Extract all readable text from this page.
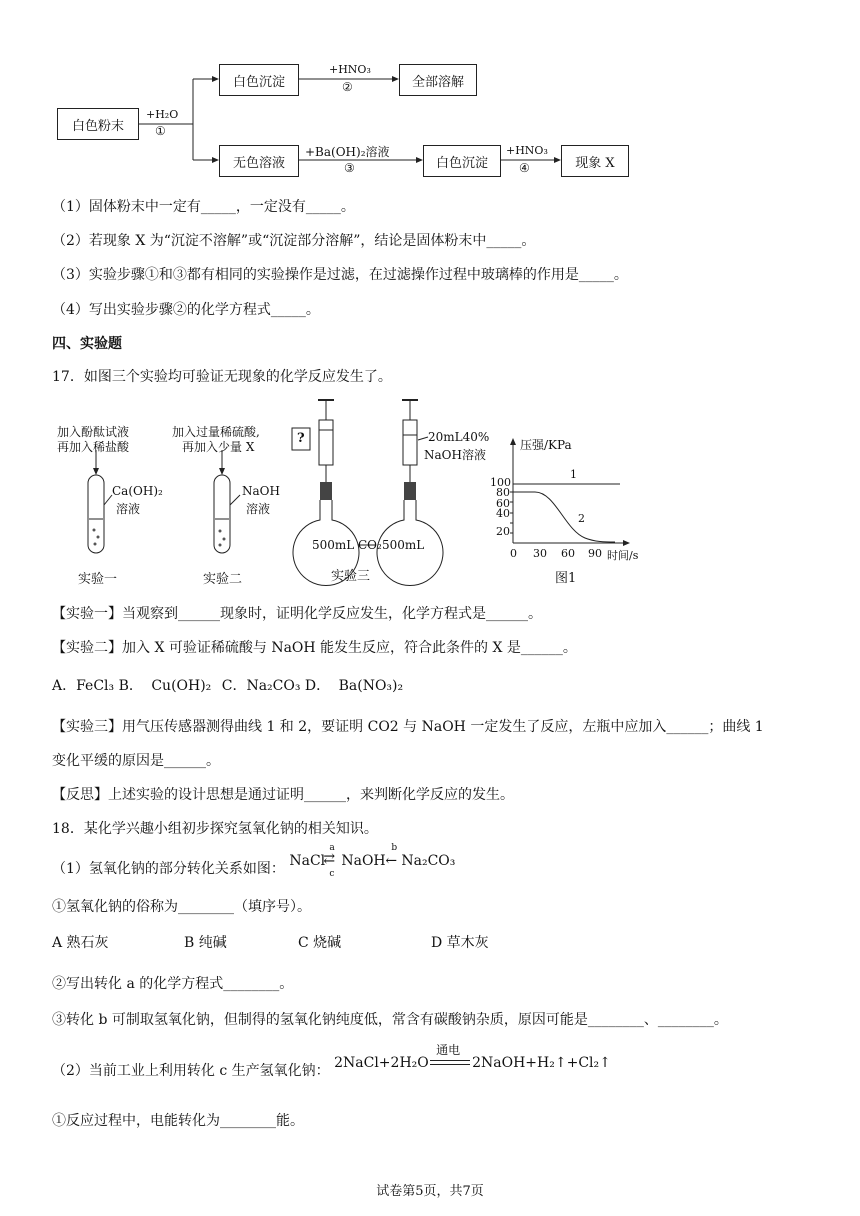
白色粉末
+H₂O
①
白色沉淀
+HNO₃
②	全部溶解
无色溶液
+Ba(OH)₂溶液
③	白色沉淀
+HNO₃
④	现象 X
（1）固体粉末中一定有_____，一定没有_____。
（2）若现象 X 为“沉淀不溶解”或“沉淀部分溶解”，结论是固体粉末中_____。
（3）实验步骤①和③都有相同的实验操作是过滤，在过滤操作过程中玻璃棒的作用是_____。
（4）写出实验步骤②的化学方程式_____。
四、实验题
17．如图三个实验均可验证无现象的化学反应发生了。
加入酚酞试液
再加入稀盐酸
Ca(OH)₂
溶液
实验一
加入过量稀硫酸,
再加入少量 X
NaOH
溶液
实验二
?	20mL40%
NaOH溶液
500mL CO₂ 500mL
实验三
压强/KPa
1
2
100
80
60
40
20
0 30 60 90 时间/s
图1
【实验一】当观察到______现象时，证明化学反应发生，化学方程式是______。
【实验二】加入 X 可验证稀硫酸与 NaOH 能发生反应，符合此条件的 X 是______。
A．FeCl₃ B． Cu(OH)₂ C．Na₂CO₃ D． Ba(NO₃)₂
【实验三】用气压传感器测得曲线 1 和 2，要证明 CO2 与 NaOH 一定发生了反应，左瓶中应加入______；曲线 1
变化平缓的原因是______。
【反思】上述实验的设计思想是通过证明______，来判断化学反应的发生。
18．某化学兴趣小组初步探究氢氧化钠的相关知识。
（1）氢氧化钠的部分转化关系如图： NaCl
a
⇄
c
NaOH
b
← Na₂CO₃
①氢氧化钠的俗称为________（填序号）。
A 熟石灰	B 纯碱	C 烧碱	D 草木灰
②写出转化 a 的化学方程式________。
③转化 b 可制取氢氧化钠，但制得的氢氧化钠纯度低，常含有碳酸钠杂质，原因可能是________、________。
（2）当前工业上利用转化 c 生产氢氧化钠： 2NaCl+2H₂O
通电
2NaOH+H₂↑+Cl₂↑
①反应过程中，电能转化为________能。
试卷第5页，共7页
